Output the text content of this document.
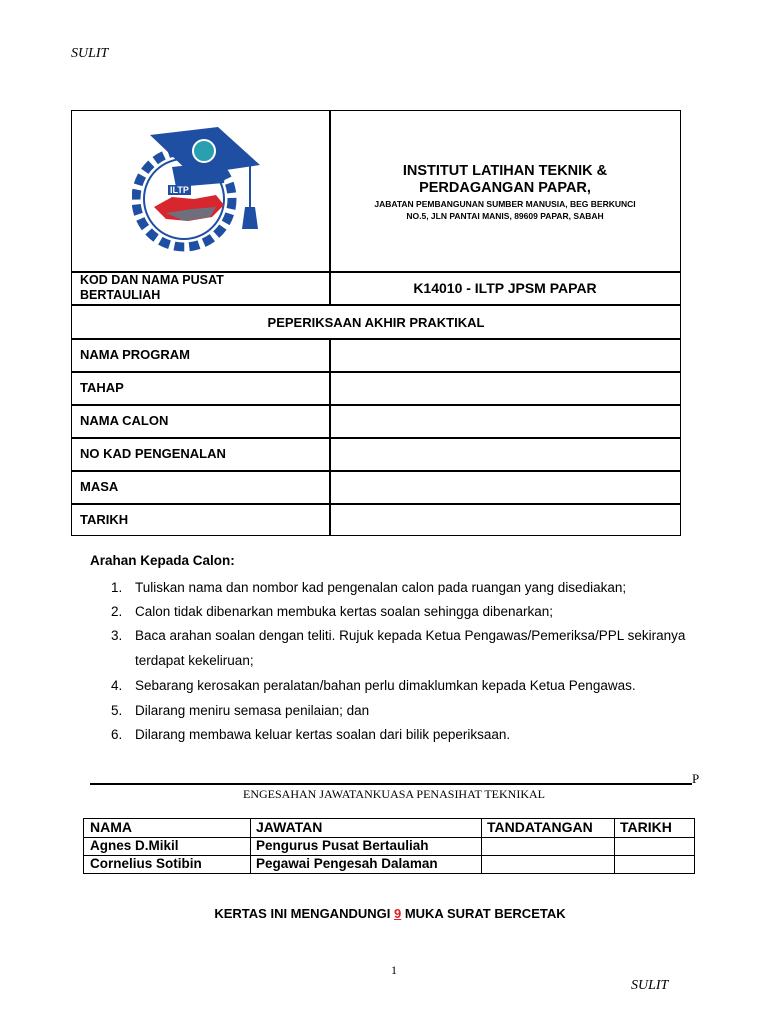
SULIT
ILTP
INSTITUT LATIHAN TEKNIK &
PERDAGANGAN PAPAR,
JABATAN PEMBANGUNAN SUMBER MANUSIA, BEG BERKUNCI
NO.5, JLN PANTAI MANIS, 89609 PAPAR, SABAH
KOD DAN NAMA PUSAT
BERTAULIAH	K14010 - ILTP JPSM PAPAR
PEPERIKSAAN AKHIR PRAKTIKAL
NAMA PROGRAM
TAHAP
NAMA CALON
NO KAD PENGENALAN
MASA
TARIKH
Arahan Kepada Calon:
1. Tuliskan nama dan nombor kad pengenalan calon pada ruangan yang disediakan;
2. Calon tidak dibenarkan membuka kertas soalan sehingga dibenarkan;
3. Baca arahan soalan dengan teliti. Rujuk kepada Ketua Pengawas/Pemeriksa/PPL sekiranya
terdapat kekeliruan;
4. Sebarang kerosakan peralatan/bahan perlu dimaklumkan kepada Ketua Pengawas.
5. Dilarang meniru semasa penilaian; dan
6. Dilarang membawa keluar kertas soalan dari bilik peperiksaan.
P
ENGESAHAN JAWATANKUASA PENASIHAT TEKNIKAL
NAMA	JAWATAN	TANDATANGAN TARIKH
Agnes D.Mikil	Pengurus Pusat Bertauliah
Cornelius Sotibin	Pegawai Pengesah Dalaman
KERTAS INI MENGANDUNGI 9 MUKA SURAT BERCETAK
1
SULIT
